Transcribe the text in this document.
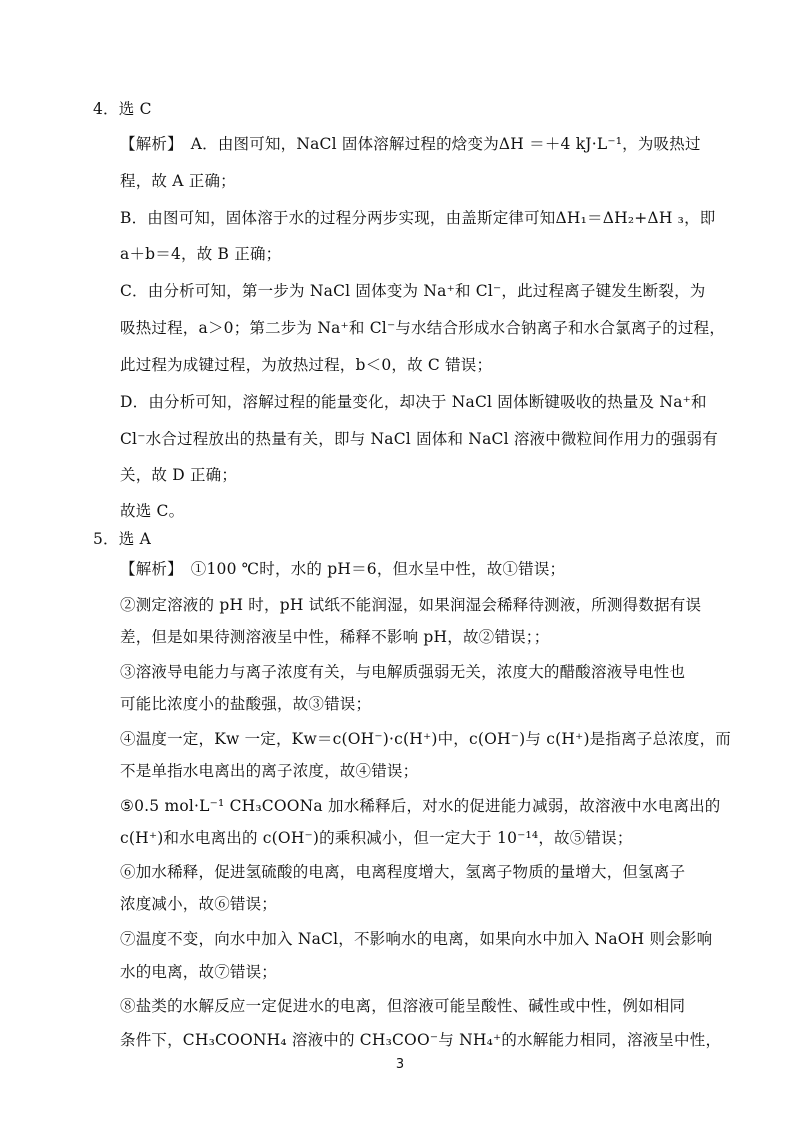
4．选 C
【解析】　A．由图可知，NaCl 固体溶解过程的焓变为ΔH ＝＋4 kJ·L⁻¹，为吸热过
程，故 A 正确；
B．由图可知，固体溶于水的过程分两步实现，由盖斯定律可知ΔH₁＝ΔH₂+ΔH ₃，即
a＋b＝4，故 B 正确；
C．由分析可知，第一步为 NaCl 固体变为 Na⁺和 Cl⁻，此过程离子键发生断裂，为
吸热过程，a＞0；第二步为 Na⁺和 Cl⁻与水结合形成水合钠离子和水合氯离子的过程，
此过程为成键过程，为放热过程，b＜0，故 C 错误；
D．由分析可知，溶解过程的能量变化，却决于 NaCl 固体断键吸收的热量及 Na⁺和
Cl⁻水合过程放出的热量有关，即与 NaCl 固体和 NaCl 溶液中微粒间作用力的强弱有
关，故 D 正确；
故选 C。
5．选 A
【解析】　①100 ℃时，水的 pH＝6，但水呈中性，故①错误；
②测定溶液的 pH 时，pH 试纸不能润湿，如果润湿会稀释待测液，所测得数据有误
差，但是如果待测溶液呈中性，稀释不影响 pH，故②错误；；
③溶液导电能力与离子浓度有关，与电解质强弱无关，浓度大的醋酸溶液导电性也
可能比浓度小的盐酸强，故③错误；
④温度一定，Kw 一定，Kw＝c(OH⁻)·c(H⁺)中，c(OH⁻)与 c(H⁺)是指离子总浓度，而
不是单指水电离出的离子浓度，故④错误；
⑤0.5 mol·L⁻¹ CH₃COONa 加水稀释后，对水的促进能力减弱，故溶液中水电离出的
c(H⁺)和水电离出的 c(OH⁻)的乘积减小，但一定大于 10⁻¹⁴，故⑤错误；
⑥加水稀释，促进氢硫酸的电离，电离程度增大，氢离子物质的量增大，但氢离子
浓度减小，故⑥错误；
⑦温度不变，向水中加入 NaCl，不影响水的电离，如果向水中加入 NaOH 则会影响
水的电离，故⑦错误；
⑧盐类的水解反应一定促进水的电离，但溶液可能呈酸性、碱性或中性，例如相同
条件下，CH₃COONH₄ 溶液中的 CH₃COO⁻与 NH₄⁺的水解能力相同，溶液呈中性，
3
